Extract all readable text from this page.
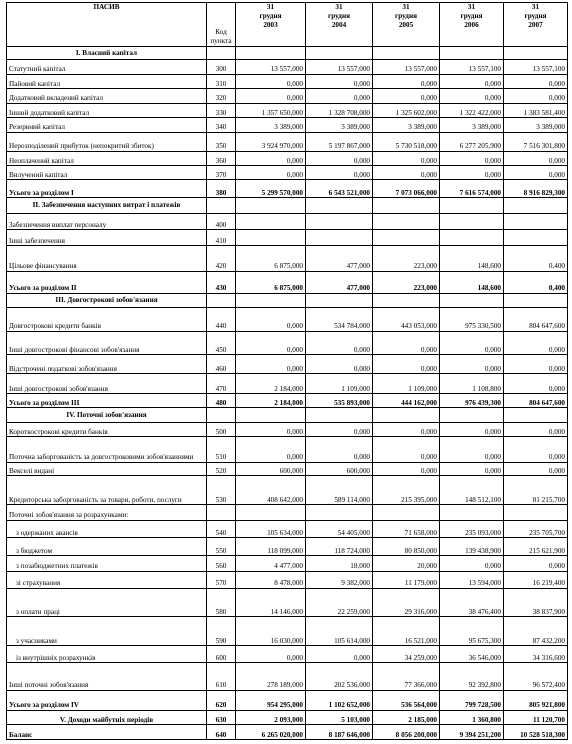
ПАСИВ	Код пункта	31
грудня
2003	31
грудня
2004	31
грудня
2005	31
грудня
2006	31
грудня
2007

I. Власний капітал						
Статутний капітал	300	13 557,000	13 557,000	13 557,000	13 557,100	13 557,100
Пайовий капітал	310	0,000	0,000	0,000	0,000	0,000
Додатковий вкладений капітал	320	0,000	0,000	0,000	0,000	0,000
Інший додатковий капітал	330	1 357 650,000	1 328 708,000	1 325 602,000	1 322 422,000	1 383 581,400
Резервний капітал	340	3 389,000	3 389,000	3 389,000	3 389,000	3 389,000
Нерозподілений прибуток (непокритий збиток)	350	3 924 970,000	5 197 867,000	5 730 518,000	6 277 205,900	7 516 301,800
Неоплачений капітал	360	0,000	0,000	0,000	0,000	0,000
Вилучений капітал	370	0,000	0,000	0,000	0,000	0,000
Усього за розділом I	380	5 299 570,000	6 543 521,000	7 073 066,000	7 616 574,000	8 916 829,300
II. Забезпечення наступних витрат і платежів						
Забезпечення виплат персоналу	400					
Інші забезпечення	410					
Цільове фінансування	420	6 875,000	477,000	223,000	148,600	0,400
Усього за розділом II	430	6 875,000	477,000	223,000	148,600	0,400
III. Довгострокові зобов'язання						
Довгострокові кредити банків	440	0,000	534 784,000	443 053,000	975 330,500	804 647,600
Інші довгострокові фінансові зобов'язання	450	0,000	0,000	0,000	0,000	0,000
Відстрочені податкові зобов'язання	460	0,000	0,000	0,000	0,000	0,000
Інші довгострокові зобов'язання	470	2 184,000	1 109,000	1 109,000	1 108,800	0,000
Усього за розділом III	480	2 184,000	535 893,000	444 162,000	976 439,300	804 647,600
IV. Поточні зобов'язання						
Короткострокові кредити банків	500	0,000	0,000	0,000	0,000	0,000
Поточна заборгованість за довгостроковими зобов'язаннями	510	0,000	0,000	0,000	0,000	0,000
Векселі видані	520	600,000	600,000	0,000	0,000	0,000
Кредиторська заборгованість за товари, роботи, послуги	530	408 642,000	589 114,000	215 395,000	148 512,100	81 215,700
Поточні зобов'язання за розрахунками:						
з одержаних авансів	540	105 634,000	54 405,000	71 658,000	235 093,000	235 705,700
з бюджетом	550	118 099,000	118 724,000	80 850,000	139 438,900	215 621,900
з позабюджетних платежів	560	4 477,000	18,000	20,000	0,000	0,000
зі страхування	570	8 478,000	9 382,000	11 179,000	13 594,000	16 219,400
з оплати праці	580	14 146,000	22 259,000	29 316,000	38 476,400	38 837,900
з учасниками	590	16 030,000	105 614,000	16 521,000	95 675,300	87 432,200
із внутрішніх розрахунків	600	0,000	0,000	34 259,000	36 546,000	34 316,600
Інші поточні зобов'язання	610	278 189,000	202 536,000	77 366,000	92 392,800	96 572,400
Усього за розділом IV	620	954 295,000	1 102 652,000	536 564,000	799 728,500	805 921,800
V. Доходи майбутніх періодів	630	2 093,000	5 103,000	2 185,000	1 360,800	11 120,700
Баланс	640	6 265 020,000	8 187 646,000	8 056 200,000	9 394 251,200	10 528 518,300
